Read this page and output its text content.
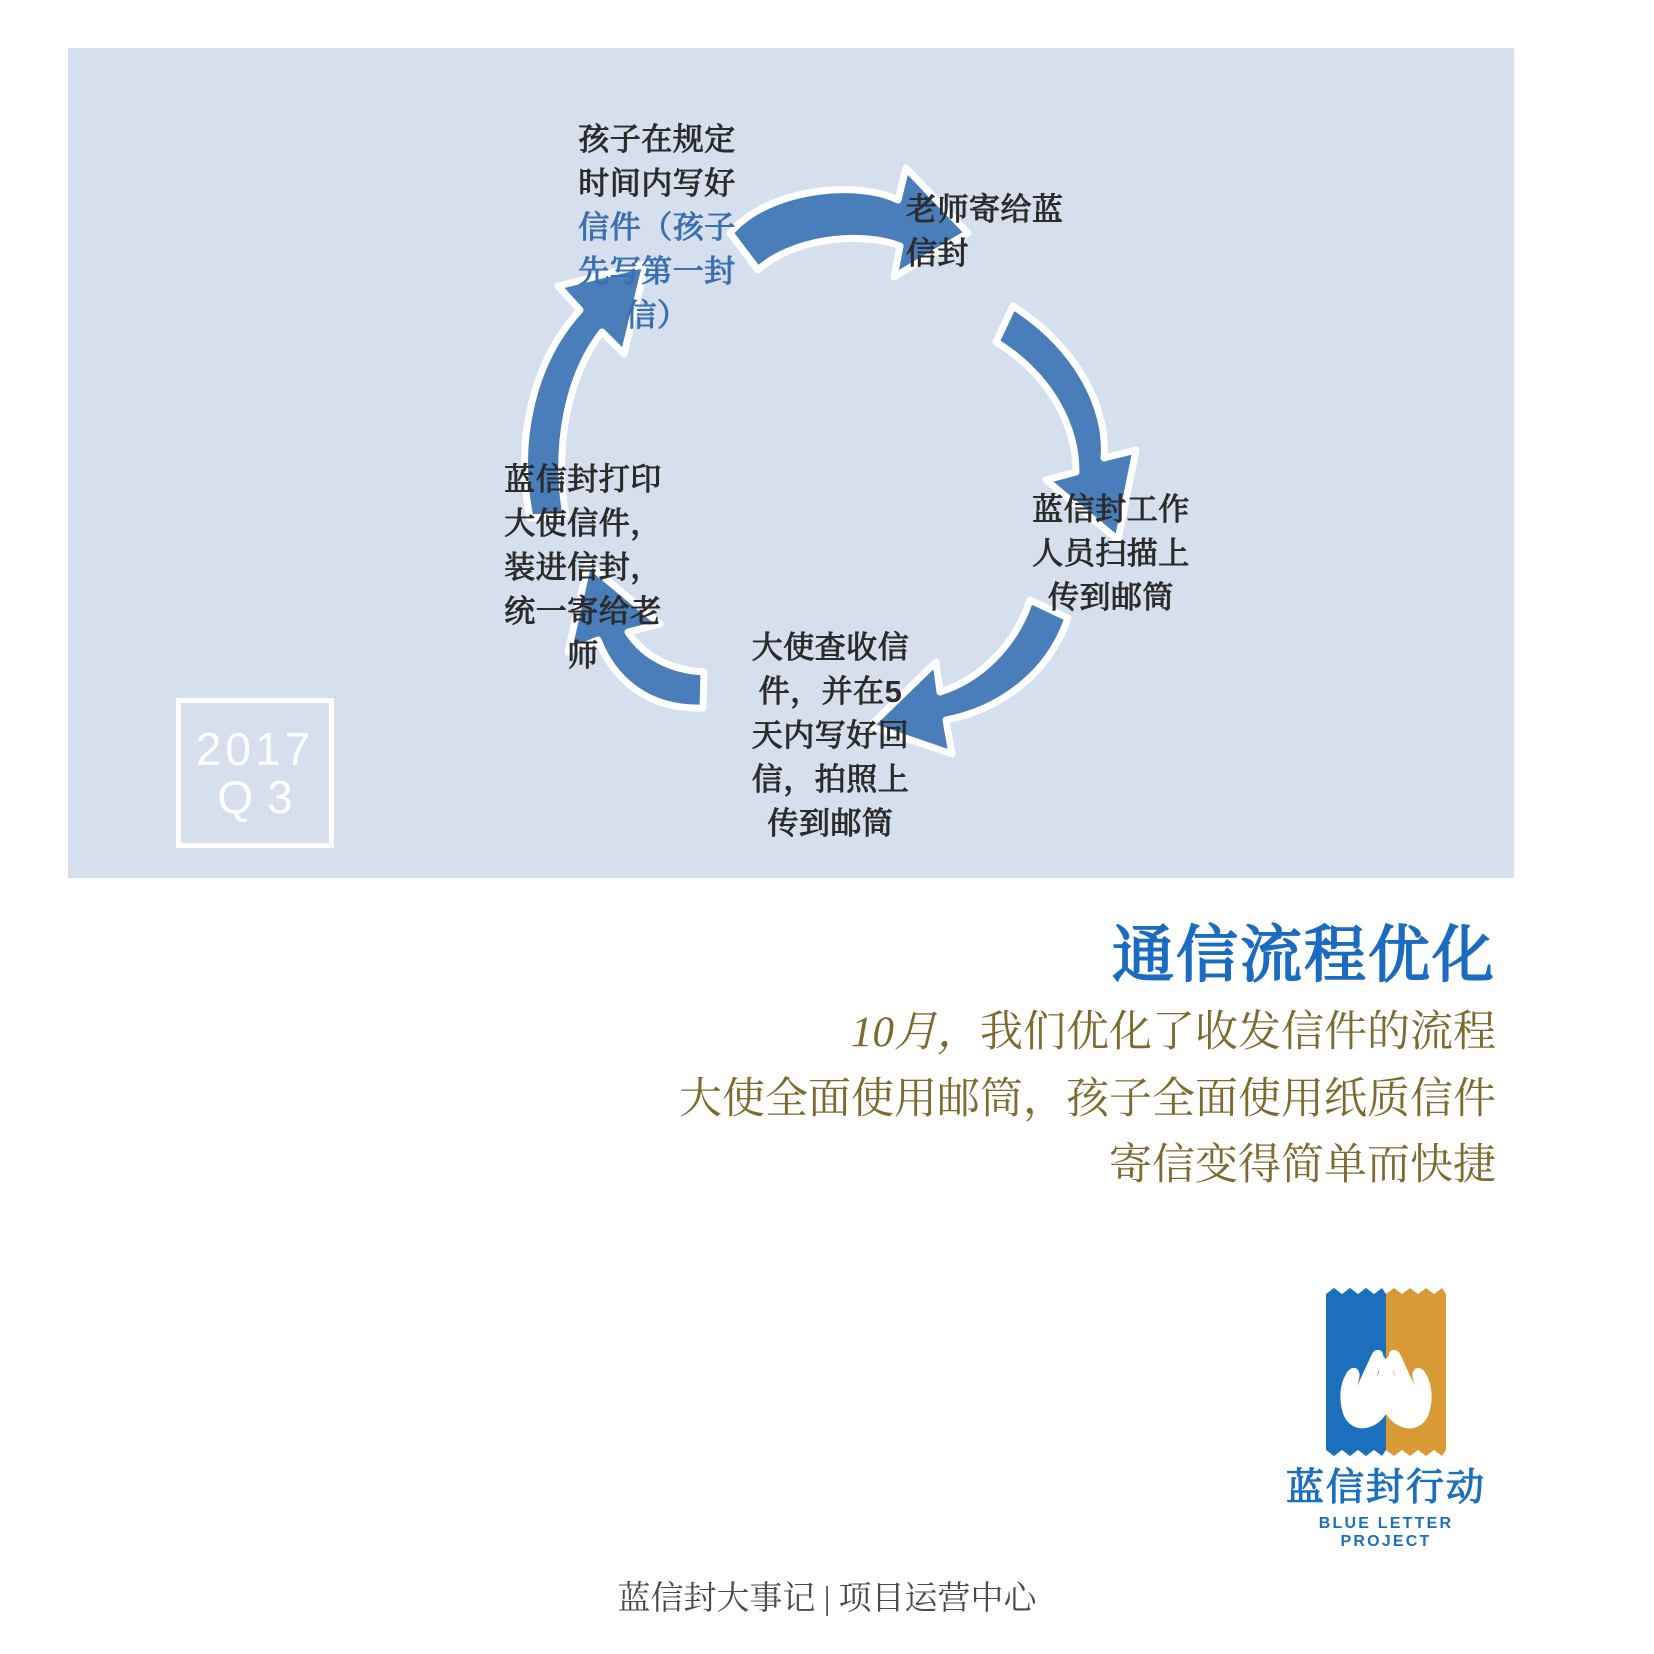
孩子在规定
时间内写好
信件（孩子
先写第一封
信）
老师寄给蓝
信封
蓝信封工作
人员扫描上
传到邮筒
大使查收信
件，并在5
天内写好回
信，拍照上
传到邮筒
蓝信封打印
大使信件，
装进信封，
统一寄给老
师
2017
Q3
通信流程优化
10月，我们优化了收发信件的流程
大使全面使用邮筒，孩子全面使用纸质信件
寄信变得简单而快捷
蓝信封行动
BLUE LETTER PROJECT
蓝信封大事记 | 项目运营中心
